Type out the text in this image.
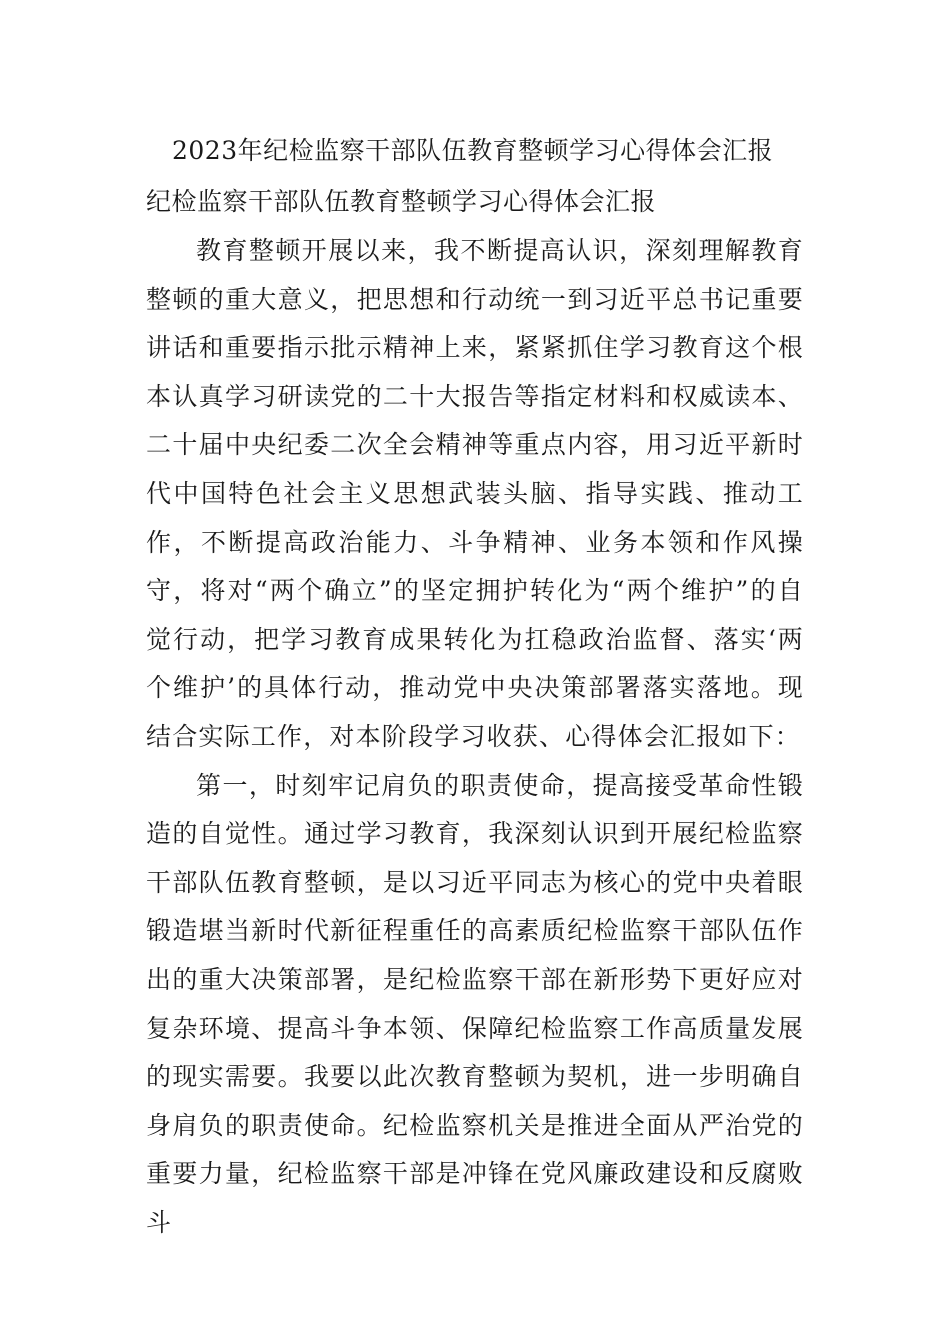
2023年纪检监察干部队伍教育整顿学习心得体会汇报
纪检监察干部队伍教育整顿学习心得体会汇报

教育整顿开展以来，我不断提高认识，深刻理解教育整顿的重大意义，把思想和行动统一到习近平总书记重要讲话和重要指示批示精神上来，紧紧抓住学习教育这个根本认真学习研读党的二十大报告等指定材料和权威读本、二十届中央纪委二次全会精神等重点内容，用习近平新时代中国特色社会主义思想武装头脑、指导实践、推动工作，不断提高政治能力、斗争精神、业务本领和作风操守，将对“两个确立”的坚定拥护转化为“两个维护”的自觉行动，把学习教育成果转化为扛稳政治监督、落实‘两个维护’的具体行动，推动党中央决策部署落实落地。现结合实际工作，对本阶段学习收获、心得体会汇报如下：

第一，时刻牢记肩负的职责使命，提高接受革命性锻造的自觉性。通过学习教育，我深刻认识到开展纪检监察干部队伍教育整顿，是以习近平同志为核心的党中央着眼锻造堪当新时代新征程重任的高素质纪检监察干部队伍作出的重大决策部署，是纪检监察干部在新形势下更好应对复杂环境、提高斗争本领、保障纪检监察工作高质量发展的现实需要。我要以此次教育整顿为契机，进一步明确自身肩负的职责使命。纪检监察机关是推进全面从严治党的重要力量，纪检监察干部是冲锋在党风廉政建设和反腐败斗
